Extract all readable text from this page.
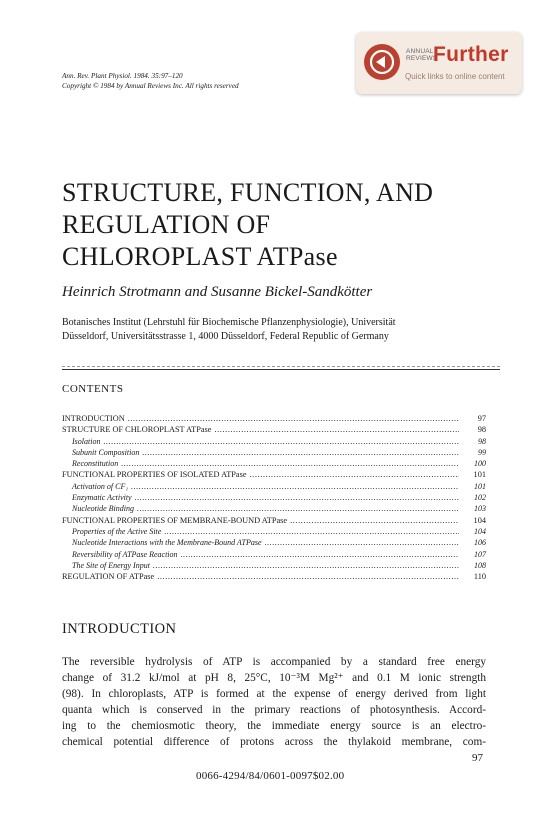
Ann. Rev. Plant Physiol. 1984. 35:97–120
Copyright © 1984 by Annual Reviews Inc. All rights reserved
ANNUAL
REVIEWS
Further
Quick links to online content
STRUCTURE, FUNCTION, AND
REGULATION OF
CHLOROPLAST ATPase
Heinrich Strotmann and Susanne Bickel-Sandkötter
Botanisches Institut (Lehrstuhl für Biochemische Pflanzenphysiologie), Universität
Düsseldorf, Universitätsstrasse 1, 4000 Düsseldorf, Federal Republic of Germany
CONTENTS
INTRODUCTION .....	97
STRUCTURE OF CHLOROPLAST ATPase .....	98
Isolation .....	98
Subunit Composition .....	99
Reconstitution .....	100
FUNCTIONAL PROPERTIES OF ISOLATED ATPase .....	101
Activation of CF₁ .....	101
Enzymatic Activity .....	102
Nucleotide Binding .....	103
FUNCTIONAL PROPERTIES OF MEMBRANE-BOUND ATPase .....	104
Properties of the Active Site .....	104
Nucleotide Interactions with the Membrane-Bound ATPase .....	106
Reversibility of ATPase Reaction .....	107
The Site of Energy Input .....	108
REGULATION OF ATPase .....	110
INTRODUCTION
The reversible hydrolysis of ATP is accompanied by a standard free energy
change of 31.2 kJ/mol at pH 8, 25°C, 10⁻³M Mg²⁺ and 0.1 M ionic strength
(98). In chloroplasts, ATP is formed at the expense of energy derived from light
quanta which is conserved in the primary reactions of photosynthesis. Accord-
ing to the chemiosmotic theory, the immediate energy source is an electro-
chemical potential difference of protons across the thylakoid membrane, com-
97
0066-4294/84/0601-0097$02.00
